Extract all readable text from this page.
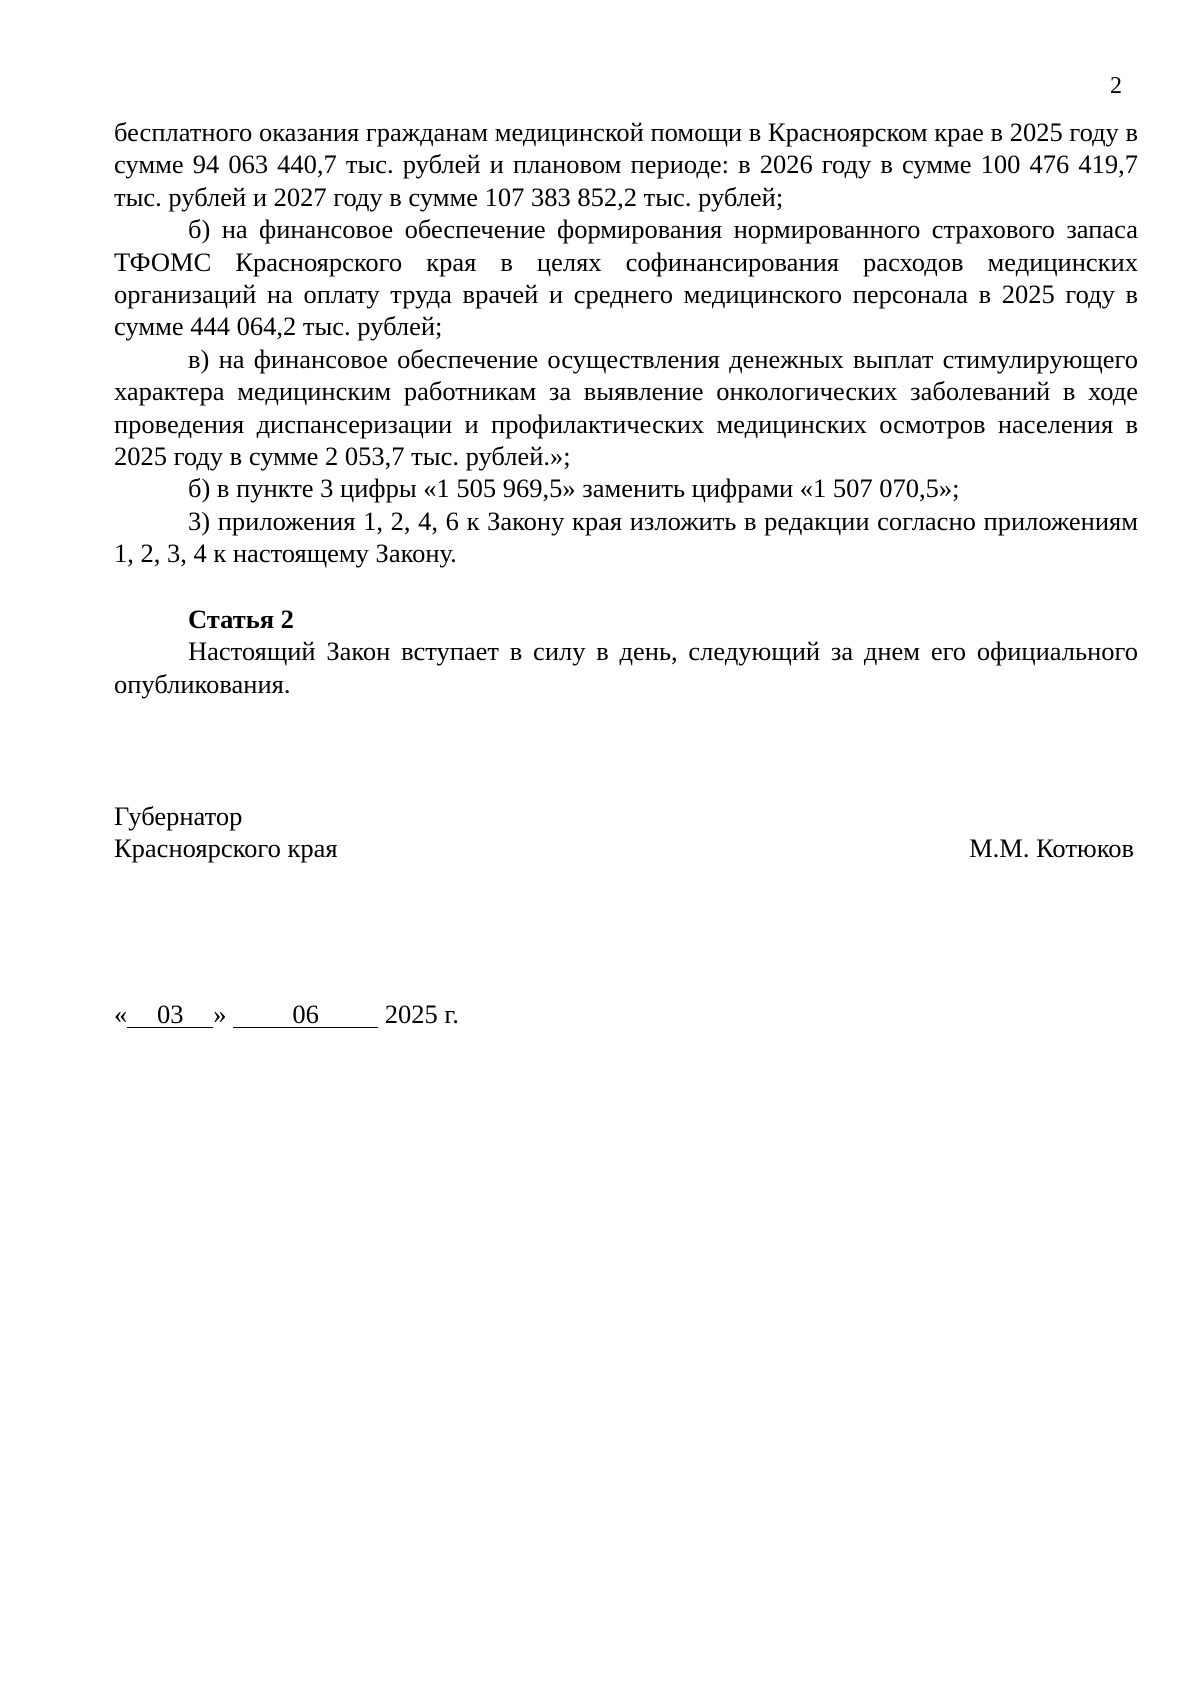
2

бесплатного оказания гражданам медицинской помощи в Красноярском крае в 2025 году в сумме 94 063 440,7 тыс. рублей и плановом периоде: в 2026 году в сумме 100 476 419,7 тыс. рублей и 2027 году в сумме 107 383 852,2 тыс. рублей;

б) на финансовое обеспечение формирования нормированного страхового запаса ТФОМС Красноярского края в целях софинансирования расходов медицинских организаций на оплату труда врачей и среднего медицинского персонала в 2025 году в сумме 444 064,2 тыс. рублей;

в) на финансовое обеспечение осуществления денежных выплат стимулирующего характера медицинским работникам за выявление онкологических заболеваний в ходе проведения диспансеризации и профилактических медицинских осмотров населения в 2025 году в сумме 2 053,7 тыс. рублей.»;

б) в пункте 3 цифры «1 505 969,5» заменить цифрами «1 507 070,5»;

3) приложения 1, 2, 4, 6 к Закону края изложить в редакции согласно приложениям 1, 2, 3, 4 к настоящему Закону.

Статья 2

Настоящий Закон вступает в силу в день, следующий за днем его официального опубликования.

Губернатор
Красноярского края	М.М. Котюков
« 03 » 06 2025 г.
